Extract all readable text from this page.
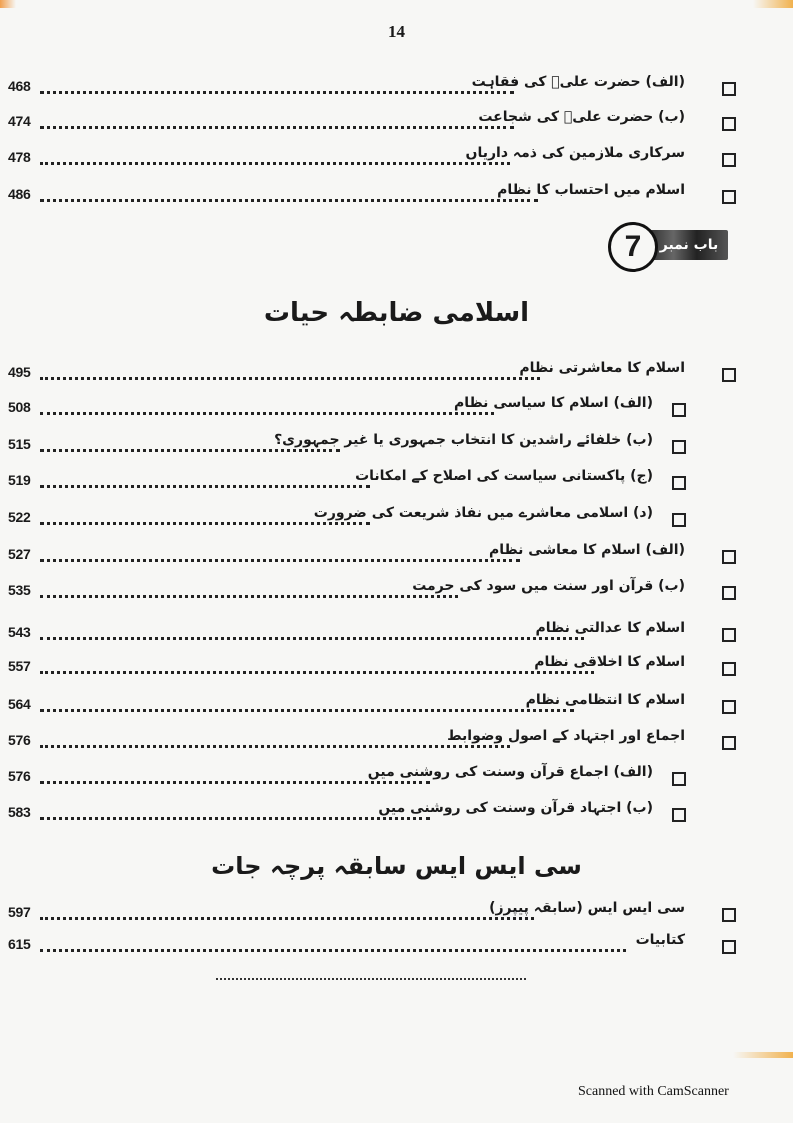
14
468	(الف) حضرت علیؓ کی فقاہت
474	(ب) حضرت علیؓ کی شجاعت
478	سرکاری ملازمین کی ذمہ داریاں
486	اسلام میں احتساب کا نظام
باب نمبر
7
اسلامی ضابطہ حیات
495	اسلام کا معاشرتی نظام
508	(الف) اسلام کا سیاسی نظام
515	(ب) خلفائے راشدین کا انتخاب جمہوری یا غیر جمہوری؟
519	(ج) پاکستانی سیاست کی اصلاح کے امکانات
522	(د) اسلامی معاشرے میں نفاذ شریعت کی ضرورت
527	(الف) اسلام کا معاشی نظام
535	(ب) قرآن اور سنت میں سود کی حرمت
543	اسلام کا عدالتی نظام
557	اسلام کا اخلاقی نظام
564	اسلام کا انتظامی نظام
576	اجماع اور اجتہاد کے اصول وضوابط
576	(الف) اجماع قرآن وسنت کی روشنی میں
583	(ب) اجتہاد قرآن وسنت کی روشنی میں
سی ایس ایس سابقہ پرچہ جات
597	سی ایس ایس (سابقہ پیپرز)
615	کتابیات
Scanned with CamScanner
